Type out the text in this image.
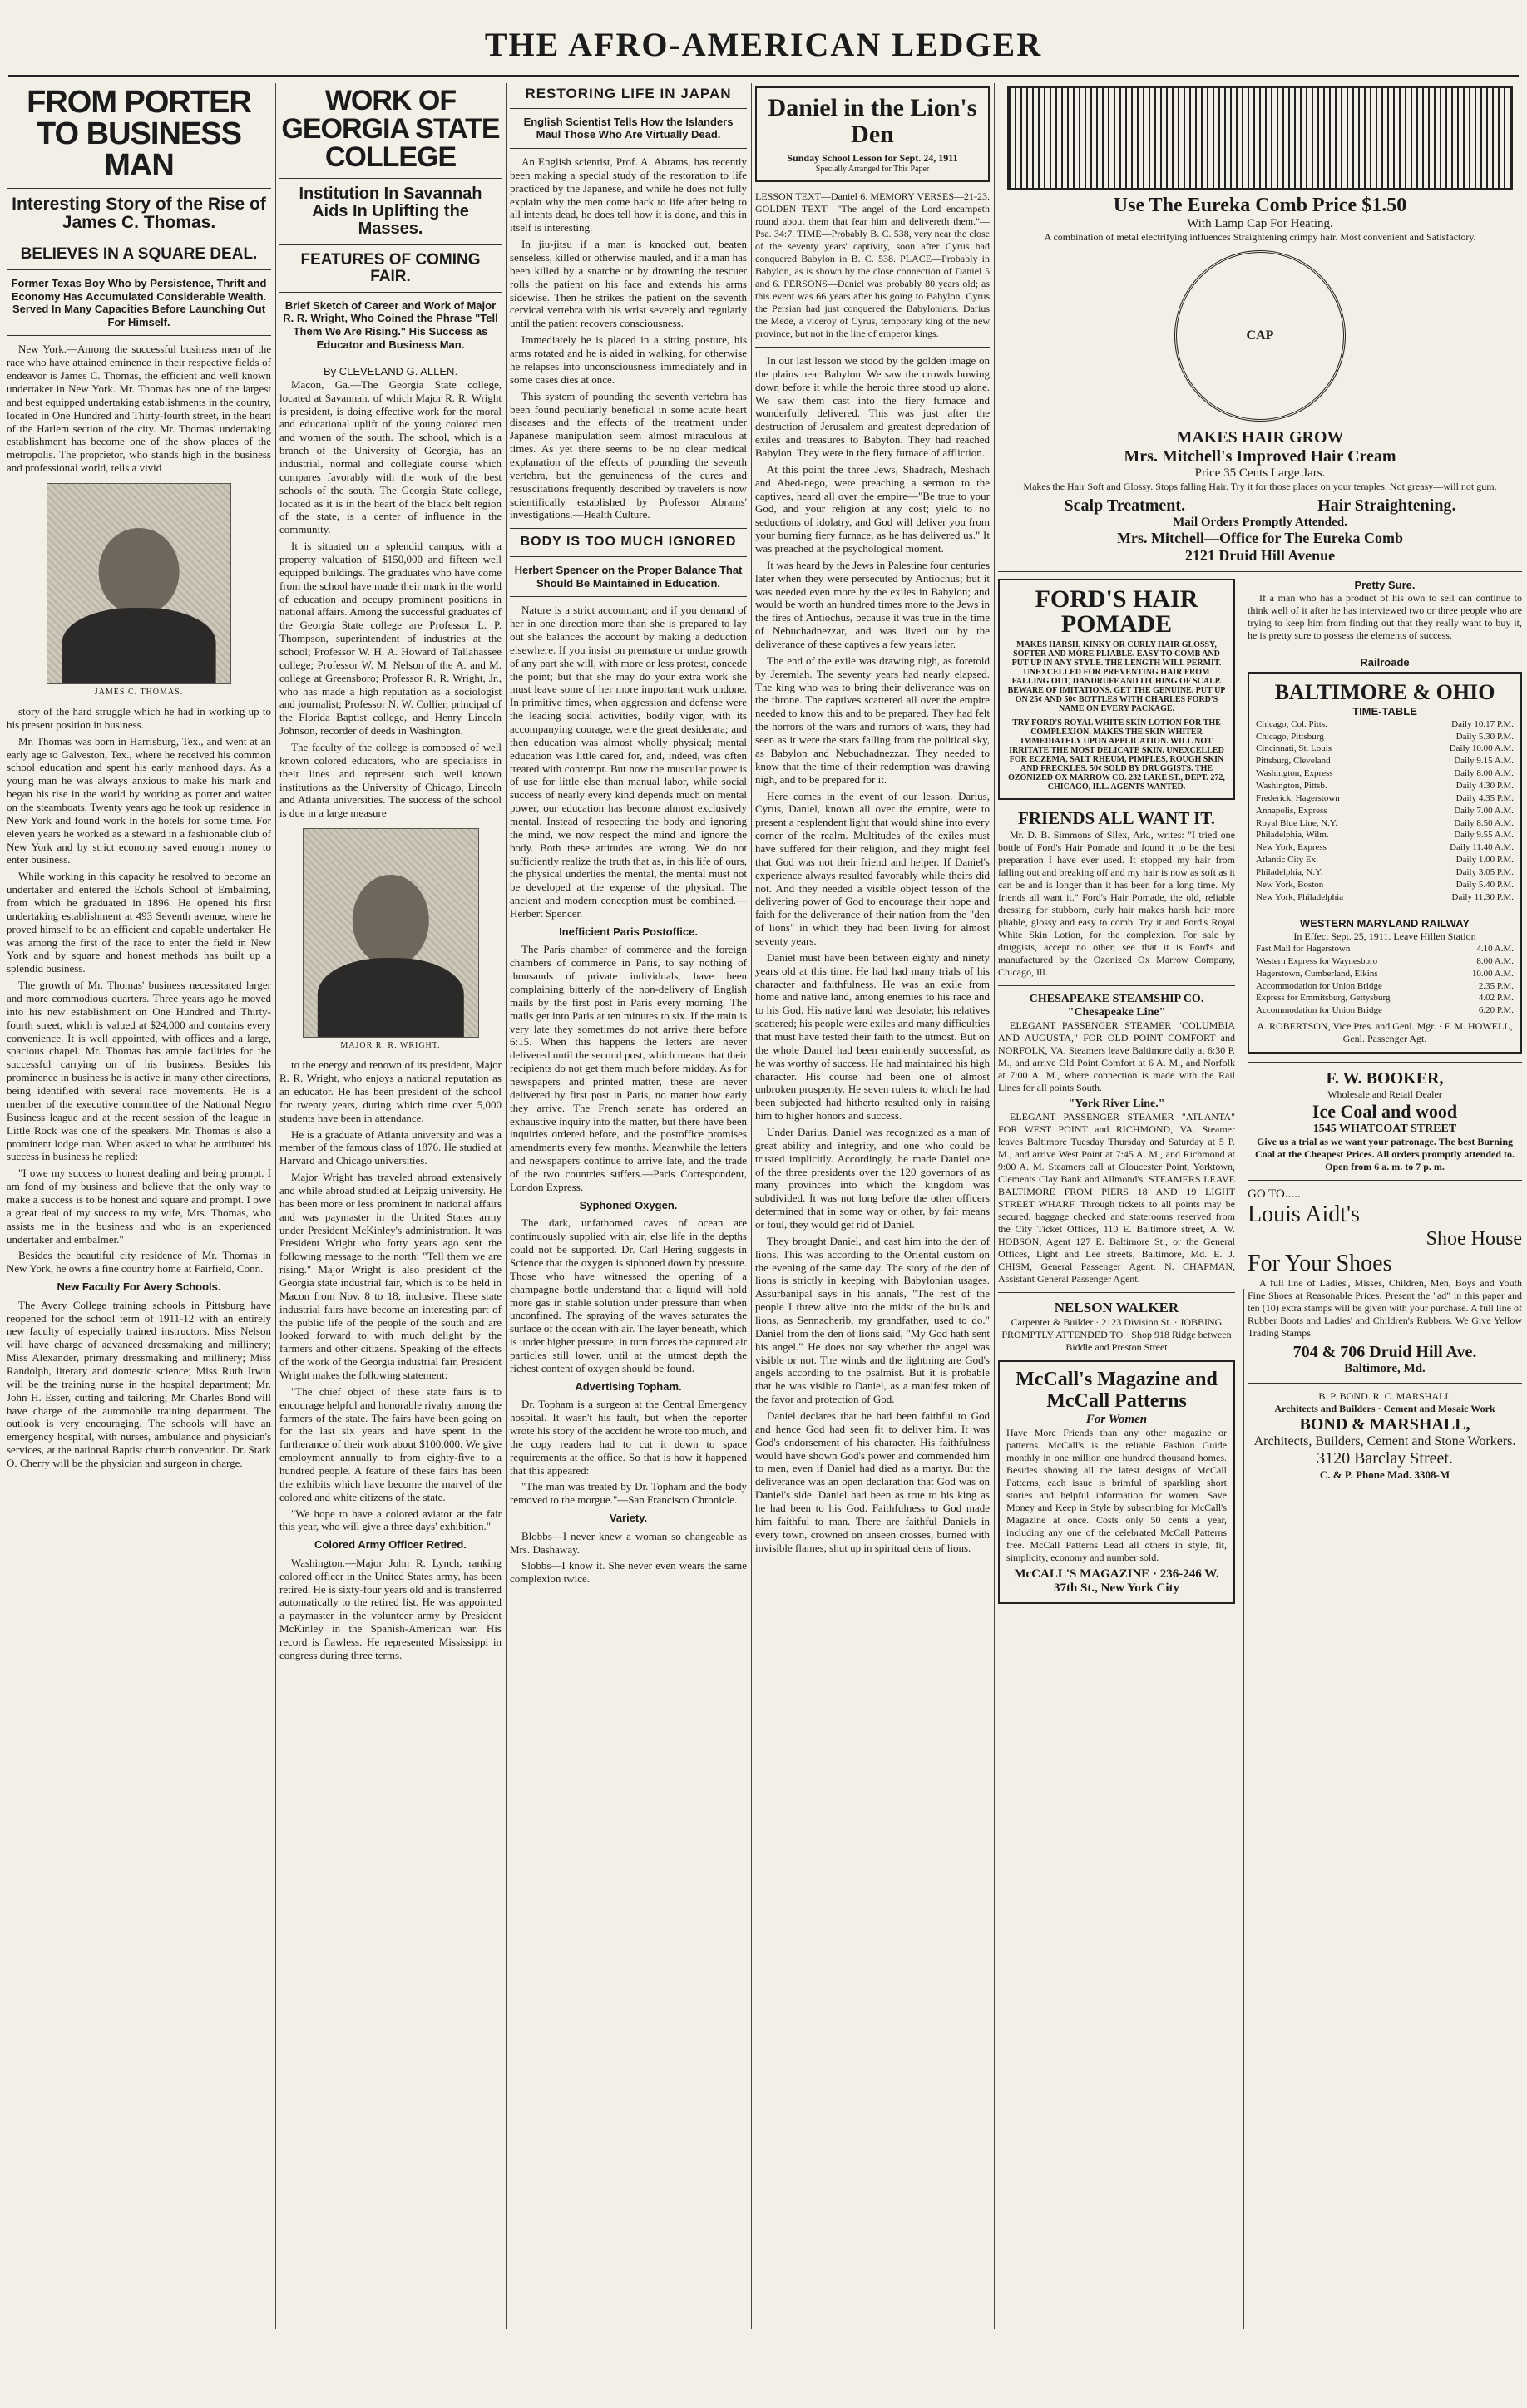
THE AFRO-AMERICAN LEDGER
FROM PORTER TO BUSINESS MAN
Interesting Story of the Rise of James C. Thomas.
BELIEVES IN A SQUARE DEAL.
Former Texas Boy Who by Persistence, Thrift and Economy Has Accumulated Considerable Wealth. Served In Many Capacities Before Launching Out For Himself.

New York.—Among the successful business men of the race who have attained eminence in their respective fields of endeavor is James C. Thomas, the efficient and well known undertaker in New York. Mr. Thomas has one of the largest and best equipped undertaking establishments in the country, located in One Hundred and Thirty-fourth street, in the heart of the Harlem section of the city. Mr. Thomas' undertaking establishment has become one of the show places of the metropolis. The proprietor, who stands high in the business and professional world, tells a vivid

JAMES C. THOMAS.

story of the hard struggle which he had in working up to his present position in business.

Mr. Thomas was born in Harrisburg, Tex., and went at an early age to Galveston, Tex., where he received his common school education and spent his early manhood days. As a young man he was always anxious to make his mark and began his rise in the world by working as porter and waiter on the steamboats. Twenty years ago he took up residence in New York and found work in the hotels for some time. For eleven years he worked as a steward in a fashionable club of New York and by strict economy saved enough money to enter business.

While working in this capacity he resolved to become an undertaker and entered the Echols School of Embalming, from which he graduated in 1896. He opened his first undertaking establishment at 493 Seventh avenue, where he proved himself to be an efficient and capable undertaker. He was among the first of the race to enter the field in New York and by square and honest methods has built up a splendid business.

The growth of Mr. Thomas' business necessitated larger and more commodious quarters. Three years ago he moved into his new establishment on One Hundred and Thirty-fourth street, which is valued at $24,000 and contains every convenience. It is well appointed, with offices and a large, spacious chapel. Mr. Thomas has ample facilities for the successful carrying on of his business. Besides his prominence in business he is active in many other directions, being identified with several race movements. He is a member of the executive committee of the National Negro Business league and at the recent session of the league in Little Rock was one of the speakers. Mr. Thomas is also a prominent lodge man. When asked to what he attributed his success in business he replied:

"I owe my success to honest dealing and being prompt. I am fond of my business and believe that the only way to make a success is to be honest and square and prompt. I owe a great deal of my success to my wife, Mrs. Thomas, who assists me in the business and who is an experienced undertaker and embalmer."

Besides the beautiful city residence of Mr. Thomas in New York, he owns a fine country home at Fairfield, Conn.

New Faculty For Avery Schools.

The Avery College training schools in Pittsburg have reopened for the school term of 1911-12 with an entirely new faculty of especially trained instructors. Miss Nelson will have charge of advanced dressmaking and millinery; Miss Alexander, primary dressmaking and millinery; Miss Randolph, literary and domestic science; Miss Ruth Irwin will be the training nurse in the hospital department; Mr. John H. Esser, cutting and tailoring; Mr. Charles Bond will have charge of the automobile training department. The outlook is very encouraging. The schools will have an emergency hospital, with nurses, ambulance and physician's services, at the national Baptist church convention. Dr. Stark O. Cherry will be the physician and surgeon in charge.

WORK OF GEORGIA STATE COLLEGE
Institution In Savannah Aids In Uplifting the Masses.
FEATURES OF COMING FAIR.
Brief Sketch of Career and Work of Major R. R. Wright, Who Coined the Phrase "Tell Them We Are Rising." His Success as Educator and Business Man.
By CLEVELAND G. ALLEN.

Macon, Ga.—The Georgia State college, located at Savannah, of which Major R. R. Wright is president, is doing effective work for the moral and educational uplift of the young colored men and women of the south. The school, which is a branch of the University of Georgia, has an industrial, normal and collegiate course which compares favorably with the work of the best schools of the south. The Georgia State college, located as it is in the heart of the black belt region of the state, is a center of influence in the community.

It is situated on a splendid campus, with a property valuation of $150,000 and fifteen well equipped buildings. The graduates who have come from the school have made their mark in the world of education and occupy prominent positions in national affairs. Among the successful graduates of the Georgia State college are Professor L. P. Thompson, superintendent of industries at the school; Professor W. H. A. Howard of Tallahassee college; Professor W. M. Nelson of the A. and M. college at Greensboro; Professor R. R. Wright, Jr., who has made a high reputation as a sociologist and journalist; Professor N. W. Collier, principal of the Florida Baptist college, and Henry Lincoln Johnson, recorder of deeds in Washington.

The faculty of the college is composed of well known colored educators, who are specialists in their lines and represent such well known institutions as the University of Chicago, Lincoln and Atlanta universities. The success of the school is due in a large measure

MAJOR R. R. WRIGHT.

to the energy and renown of its president, Major R. R. Wright, who enjoys a national reputation as an educator. He has been president of the school for twenty years, during which time over 5,000 students have been in attendance.

He is a graduate of Atlanta university and was a member of the famous class of 1876. He studied at Harvard and Chicago universities.

Major Wright has traveled abroad extensively and while abroad studied at Leipzig university. He has been more or less prominent in national affairs and was paymaster in the United States army under President McKinley's administration. It was President Wright who forty years ago sent the following message to the north: "Tell them we are rising." Major Wright is also president of the Georgia state industrial fair, which is to be held in Macon from Nov. 8 to 18, inclusive. These state industrial fairs have become an interesting part of the public life of the people of the south and are looked forward to with much delight by the farmers and other citizens. Speaking of the effects of the work of the Georgia industrial fair, President Wright makes the following statement:

"The chief object of these state fairs is to encourage helpful and honorable rivalry among the farmers of the state. The fairs have been going on for the last six years and have spent in the furtherance of their work about $100,000. We give employment annually to from eighty-five to a hundred people. A feature of these fairs has been the exhibits which have become the marvel of the colored and white citizens of the state.

"We hope to have a colored aviator at the fair this year, who will give a three days' exhibition."

Colored Army Officer Retired.

Washington.—Major John R. Lynch, ranking colored officer in the United States army, has been retired. He is sixty-four years old and is transferred automatically to the retired list. He was appointed a paymaster in the volunteer army by President McKinley in the Spanish-American war. His record is flawless. He represented Mississippi in congress during three terms.

RESTORING LIFE IN JAPAN
English Scientist Tells How the Islanders Maul Those Who Are Virtually Dead.

An English scientist, Prof. A. Abrams, has recently been making a special study of the restoration to life practiced by the Japanese, and while he does not fully explain why the men come back to life after being to all intents dead, he does tell how it is done, and this in itself is interesting.

In jiu-jitsu if a man is knocked out, beaten senseless, killed or otherwise mauled, and if a man has been killed by a snatche or by drowning the rescuer rolls the patient on his face and extends his arms sidewise. Then he strikes the patient on the seventh cervical vertebra with his wrist severely and regularly until the patient recovers consciousness.

Immediately he is placed in a sitting posture, his arms rotated and he is aided in walking, for otherwise he relapses into unconsciousness immediately and in some cases dies at once.

This system of pounding the seventh vertebra has been found peculiarly beneficial in some acute heart diseases and the effects of the treatment under Japanese manipulation seem almost miraculous at times. As yet there seems to be no clear medical explanation of the effects of pounding the seventh vertebra, but the genuineness of the cures and resuscitations frequently described by travelers is now scientifically established by Professor Abrams' investigations.—Health Culture.

BODY IS TOO MUCH IGNORED
Herbert Spencer on the Proper Balance That Should Be Maintained in Education.

Nature is a strict accountant; and if you demand of her in one direction more than she is prepared to lay out she balances the account by making a deduction elsewhere. If you insist on premature or undue growth of any part she will, with more or less protest, concede the point; but that she may do your extra work she must leave some of her more important work undone. In primitive times, when aggression and defense were the leading social activities, bodily vigor, with its accompanying courage, were the great desiderata; and then education was almost wholly physical; mental education was little cared for, and, indeed, was often treated with contempt. But now the muscular power is of use for little else than manual labor, while social success of nearly every kind depends much on mental power, our education has become almost exclusively mental. Instead of respecting the body and ignoring the mind, we now respect the mind and ignore the body. Both these attitudes are wrong. We do not sufficiently realize the truth that as, in this life of ours, the physical underlies the mental, the mental must not be developed at the expense of the physical. The ancient and modern conception must be combined.—Herbert Spencer.

Inefficient Paris Postoffice.

The Paris chamber of commerce and the foreign chambers of commerce in Paris, to say nothing of thousands of private individuals, have been complaining bitterly of the non-delivery of English mails by the first post in Paris every morning. The mails get into Paris at ten minutes to six. If the train is very late they sometimes do not arrive there before 6:15. When this happens the letters are never delivered until the second post, which means that their recipients do not get them much before midday. As for newspapers and printed matter, these are never delivered by first post in Paris, no matter how early they arrive. The French senate has ordered an exhaustive inquiry into the matter, but there have been inquiries ordered before, and the postoffice promises amendments every few months. Meanwhile the letters and newspapers continue to arrive late, and the trade of the two countries suffers.—Paris Correspondent, London Express.

Syphoned Oxygen.

The dark, unfathomed caves of ocean are continuously supplied with air, else life in the depths could not be supported. Dr. Carl Hering suggests in Science that the oxygen is siphoned down by pressure. Those who have witnessed the opening of a champagne bottle understand that a liquid will hold more gas in stable solution under pressure than when unconfined. The spraying of the waves saturates the surface of the ocean with air. The layer beneath, which is under higher pressure, in turn forces the captured air particles still lower, until at the utmost depth the richest content of oxygen should be found.

Advertising Topham.

Dr. Topham is a surgeon at the Central Emergency hospital. It wasn't his fault, but when the reporter wrote his story of the accident he wrote too much, and the copy readers had to cut it down to space requirements at the office. So that is how it happened that this appeared:

"The man was treated by Dr. Topham and the body removed to the morgue."—San Francisco Chronicle.

Variety.

Blobbs—I never knew a woman so changeable as Mrs. Dashaway.

Slobbs—I know it. She never even wears the same complexion twice.

Daniel in the Lion's Den
Sunday School Lesson for Sept. 24, 1911
Specially Arranged for This Paper

LESSON TEXT—Daniel 6. MEMORY VERSES—21-23. GOLDEN TEXT—"The angel of the Lord encampeth round about them that fear him and delivereth them."—Psa. 34:7. TIME—Probably B. C. 538, very near the close of the seventy years' captivity, soon after Cyrus had conquered Babylon in B. C. 538. PLACE—Probably in Babylon, as is shown by the close connection of Daniel 5 and 6. PERSONS—Daniel was probably 80 years old; as this event was 66 years after his going to Babylon. Cyrus the Persian had just conquered the Babylonians. Darius the Mede, a viceroy of Cyrus, temporary king of the new province, but not in the line of emperor kings.

In our last lesson we stood by the golden image on the plains near Babylon. We saw the crowds bowing down before it while the heroic three stood up alone. We saw them cast into the fiery furnace and wonderfully delivered. This was just after the destruction of Jerusalem and greatest depredation of exiles and treasures to Babylon. They had reached Babylon. They were in the fiery furnace of affliction.

At this point the three Jews, Shadrach, Meshach and Abed-nego, were preaching a sermon to the captives, heard all over the empire—"Be true to your God, and your religion at any cost; yield to no seductions of idolatry, and God will deliver you from your burning fiery furnace, as he has delivered us." It was preached at the psychological moment.

It was heard by the Jews in Palestine four centuries later when they were persecuted by Antiochus; but it was needed even more by the exiles in Babylon; and would be worth an hundred times more to the Jews in the fires of Antiochus, because it was true in the time of Nebuchadnezzar, and was lived out by the deliverance of these captives a few years later.

The end of the exile was drawing nigh, as foretold by Jeremiah. The seventy years had nearly elapsed. The king who was to bring their deliverance was on the throne. The captives scattered all over the empire needed to know this and to be prepared. They had felt the horrors of the wars and rumors of wars, they had seen as it were the stars falling from the political sky, as Babylon and Nebuchadnezzar. They needed to know that the time of their redemption was drawing nigh, and to be prepared for it.

Here comes in the event of our lesson. Darius, Cyrus, Daniel, known all over the empire, were to present a resplendent light that would shine into every corner of the realm. Multitudes of the exiles must have suffered for their religion, and they might feel that God was not their friend and helper. If Daniel's experience always resulted favorably while theirs did not. And they needed a visible object lesson of the delivering power of God to encourage their hope and faith for the deliverance of their nation from the "den of lions" in which they had been living for almost seventy years.

Daniel must have been between eighty and ninety years old at this time. He had had many trials of his character and faithfulness. He was an exile from home and native land, among enemies to his race and to his God. His native land was desolate; his relatives scattered; his people were exiles and many difficulties that must have tested their faith to the utmost. But on the whole Daniel had been eminently successful, as he was worthy of success. He had maintained his high character. His course had been one of almost unbroken prosperity. He seven rulers to which he had been subjected had hitherto resulted only in raising him to higher honors and success.

Under Darius, Daniel was recognized as a man of great ability and integrity, and one who could be trusted implicitly. Accordingly, he made Daniel one of the three presidents over the 120 governors of as many provinces into which the kingdom was subdivided. It was not long before the other officers determined that in some way or other, by fair means or foul, they would get rid of Daniel.

They brought Daniel, and cast him into the den of lions. This was according to the Oriental custom on the evening of the same day. The story of the den of lions is strictly in keeping with Babylonian usages. Assurbanipal says in his annals, "The rest of the people I threw alive into the midst of the bulls and lions, as Sennacherib, my grandfather, used to do." Daniel from the den of lions said, "My God hath sent his angel." He does not say whether the angel was visible or not. The winds and the lightning are God's angels according to the psalmist. But it is probable that he was visible to Daniel, as a manifest token of the favor and protection of God.

Daniel declares that he had been faithful to God and hence God had seen fit to deliver him. It was God's endorsement of his character. His faithfulness would have shown God's power and commended him to men, even if Daniel had died as a martyr. But the deliverance was an open declaration that God was on Daniel's side. Daniel had been as true to his king as he had been to his God. Faithfulness to God made him faithful to man. There are faithful Daniels in every town, crowned on unseen crosses, burned with invisible flames, shut up in spiritual dens of lions.

Use The Eureka Comb Price $1.50
With Lamp Cap For Heating.
A combination of metal electrifying influences Straightening crimpy hair. Most convenient and Satisfactory.
CAP
MAKES HAIR GROW
Mrs. Mitchell's Improved Hair Cream
Price 35 Cents Large Jars.
Makes the Hair Soft and Glossy. Stops falling Hair. Try it for those places on your temples. Not greasy—will not gum.
Scalp Treatment.	Hair Straightening.
Mail Orders Promptly Attended.
Mrs. Mitchell—Office for The Eureka Comb
2121 Druid Hill Avenue
FORD'S HAIR POMADE
MAKES HARSH, KINKY OR CURLY HAIR GLOSSY, SOFTER AND MORE PLIABLE. EASY TO COMB AND PUT UP IN ANY STYLE. THE LENGTH WILL PERMIT. UNEXCELLED FOR PREVENTING HAIR FROM FALLING OUT, DANDRUFF AND ITCHING OF SCALP. BEWARE OF IMITATIONS. GET THE GENUINE. PUT UP ON 25¢ AND 50¢ BOTTLES WITH CHARLES FORD'S NAME ON EVERY PACKAGE.
TRY FORD'S ROYAL WHITE SKIN LOTION FOR THE COMPLEXION. MAKES THE SKIN WHITER IMMEDIATELY UPON APPLICATION. WILL NOT IRRITATE THE MOST DELICATE SKIN. UNEXCELLED FOR ECZEMA, SALT RHEUM, PIMPLES, ROUGH SKIN AND FRECKLES. 50¢ SOLD BY DRUGGISTS. THE OZONIZED OX MARROW CO. 232 LAKE ST., DEPT. 272, CHICAGO, ILL. AGENTS WANTED.
FRIENDS ALL WANT IT.

Mr. D. B. Simmons of Silex, Ark., writes: "I tried one bottle of Ford's Hair Pomade and found it to be the best preparation I have ever used. It stopped my hair from falling out and breaking off and my hair is now as soft as it can be and is longer than it has been for a long time. My friends all want it." Ford's Hair Pomade, the old, reliable dressing for stubborn, curly hair makes harsh hair more pliable, glossy and easy to comb. Try it and Ford's Royal White Skin Lotion, for the complexion. For sale by druggists, accept no other, see that it is Ford's and manufactured by the Ozonized Ox Marrow Company, Chicago, Ill.

CHESAPEAKE STEAMSHIP CO.
"Chesapeake Line"

ELEGANT PASSENGER STEAMER "COLUMBIA AND AUGUSTA," FOR OLD POINT COMFORT and NORFOLK, VA. Steamers leave Baltimore daily at 6:30 P. M., and arrive Old Point Comfort at 6 A. M., and Norfolk at 7:00 A. M., where connection is made with the Rail Lines for all points South.

"York River Line."

ELEGANT PASSENGER STEAMER "ATLANTA" FOR WEST POINT and RICHMOND, VA. Steamer leaves Baltimore Tuesday Thursday and Saturday at 5 P. M., and arrive West Point at 7:45 A. M., and Richmond at 9:00 A. M. Steamers call at Gloucester Point, Yorktown, Clements Clay Bank and Allmond's. STEAMERS LEAVE BALTIMORE FROM PIERS 18 AND 19 LIGHT STREET WHARF. Through tickets to all points may be secured, baggage checked and staterooms reserved from the City Ticket Offices, 110 E. Baltimore street, A. W. HOBSON, Agent 127 E. Baltimore St., or the General Offices, Light and Lee streets, Baltimore, Md. E. J. CHISM, General Passenger Agent. N. CHAPMAN, Assistant General Passenger Agent.

NELSON WALKER
Carpenter & Builder · 2123 Division St. · JOBBING PROMPTLY ATTENDED TO · Shop 918 Ridge between Biddle and Preston Street
McCall's Magazine and McCall Patterns
For Women

Have More Friends than any other magazine or patterns. McCall's is the reliable Fashion Guide monthly in one million one hundred thousand homes. Besides showing all the latest designs of McCall Patterns, each issue is brimful of sparkling short stories and helpful information for women. Save Money and Keep in Style by subscribing for McCall's Magazine at once. Costs only 50 cents a year, including any one of the celebrated McCall Patterns free. McCall Patterns Lead all others in style, fit, simplicity, economy and number sold.

McCALL'S MAGAZINE · 236-246 W. 37th St., New York City
Pretty Sure.

If a man who has a product of his own to sell can continue to think well of it after he has interviewed two or three people who are trying to keep him from finding out that they really want to buy it, he is pretty sure to possess the elements of success.

Railroade
BALTIMORE & OHIO
TIME-TABLE
Chicago, Col. Pitts.	Daily 10.17 P.M.
Chicago, Pittsburg	Daily 5.30 P.M.
Cincinnati, St. Louis	Daily 10.00 A.M.
Pittsburg, Cleveland	Daily 9.15 A.M.
Washington, Express	Daily 8.00 A.M.
Washington, Pittsb.	Daily 4.30 P.M.
Frederick, Hagerstown	Daily 4.35 P.M.
Annapolis, Express	Daily 7.00 A.M.
Royal Blue Line, N.Y.	Daily 8.50 A.M.
Philadelphia, Wilm.	Daily 9.55 A.M.
New York, Express	Daily 11.40 A.M.
Atlantic City Ex.	Daily 1.00 P.M.
Philadelphia, N.Y.	Daily 3.05 P.M.
New York, Boston	Daily 5.40 P.M.
New York, Philadelphia	Daily 11.30 P.M.
WESTERN MARYLAND RAILWAY
In Effect Sept. 25, 1911. Leave Hillen Station
Fast Mail for Hagerstown	4.10 A.M.
Western Express for Waynesboro	8.00 A.M.
Hagerstown, Cumberland, Elkins	10.00 A.M.
Accommodation for Union Bridge	2.35 P.M.
Express for Emmitsburg, Gettysburg	4.02 P.M.
Accommodation for Union Bridge	6.20 P.M.
A. ROBERTSON, Vice Pres. and Genl. Mgr. · F. M. HOWELL, Genl. Passenger Agt.
F. W. BOOKER,
Wholesale and Retail Dealer
Ice Coal and wood
1545 WHATCOAT STREET
Give us a trial as we want your patronage. The best Burning Coal at the Cheapest Prices. All orders promptly attended to. Open from 6 a. m. to 7 p. m.
GO TO.....
Louis Aidt's
Shoe House
For Your Shoes

A full line of Ladies', Misses, Children, Men, Boys and Youth Fine Shoes at Reasonable Prices. Present the "ad" in this paper and ten (10) extra stamps will be given with your purchase. A full line of Rubber Boots and Ladies' and Children's Rubbers. We Give Yellow Trading Stamps

704 & 706 Druid Hill Ave.
Baltimore, Md.
B. P. BOND. R. C. MARSHALL
Architects and Builders · Cement and Mosaic Work
BOND & MARSHALL,
Architects, Builders, Cement and Stone Workers.
3120 Barclay Street.
C. & P. Phone Mad. 3308-M
